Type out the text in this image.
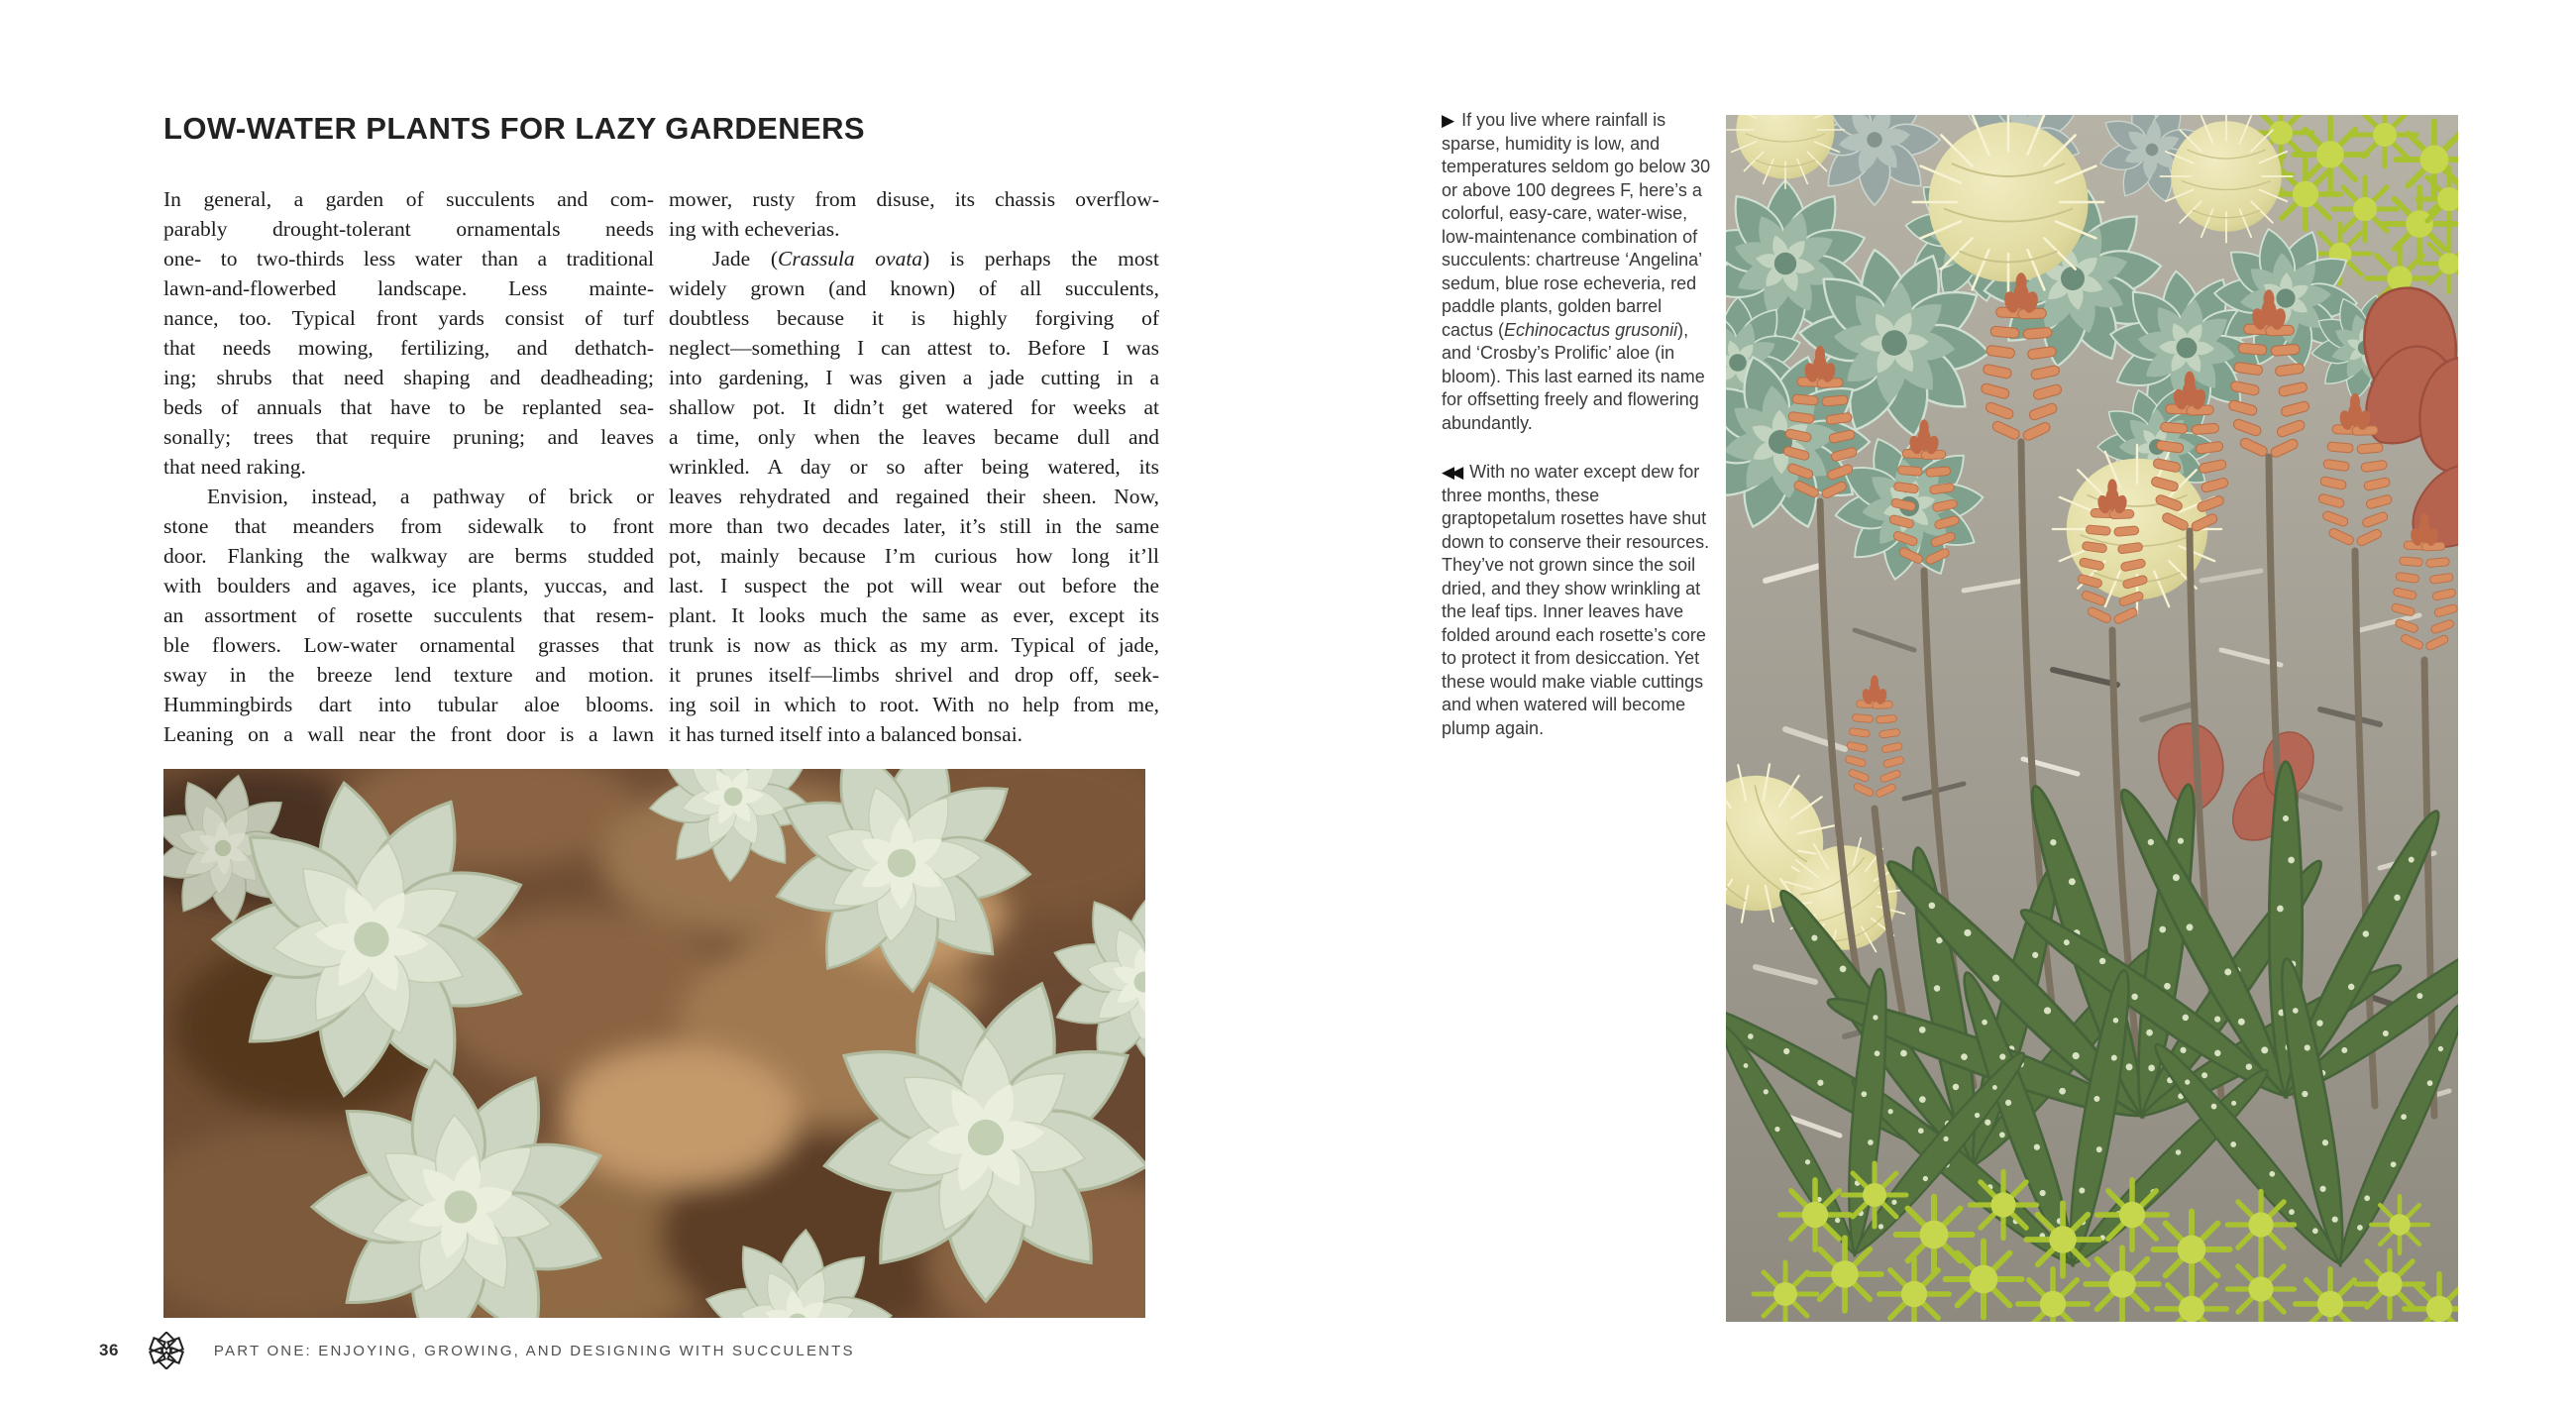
LOW-WATER PLANTS FOR LAZY GARDENERS
In general, a garden of succulents and com-
parably drought-tolerant ornamentals needs
one- to two-thirds less water than a traditional
lawn-and-flowerbed landscape. Less mainte-
nance, too. Typical front yards consist of turf
that needs mowing, fertilizing, and dethatch-
ing; shrubs that need shaping and deadheading;
beds of annuals that have to be replanted sea-
sonally; trees that require pruning; and leaves
that need raking.
Envision, instead, a pathway of brick or
stone that meanders from sidewalk to front
door. Flanking the walkway are berms studded
with boulders and agaves, ice plants, yuccas, and
an assortment of rosette succulents that resem-
ble flowers. Low-water ornamental grasses that
sway in the breeze lend texture and motion.
Hummingbirds dart into tubular aloe blooms.
Leaning on a wall near the front door is a lawn
mower, rusty from disuse, its chassis overflow-
ing with echeverias.
Jade (Crassula ovata) is perhaps the most
widely grown (and known) of all succulents,
doubtless because it is highly forgiving of
neglect—something I can attest to. Before I was
into gardening, I was given a jade cutting in a
shallow pot. It didn’t get watered for weeks at
a time, only when the leaves became dull and
wrinkled. A day or so after being watered, its
leaves rehydrated and regained their sheen. Now,
more than two decades later, it’s still in the same
pot, mainly because I’m curious how long it’ll
last. I suspect the pot will wear out before the
plant. It looks much the same as ever, except its
trunk is now as thick as my arm. Typical of jade,
it prunes itself—limbs shrivel and drop off, seek-
ing soil in which to root. With no help from me,
it has turned itself into a balanced bonsai.
36	PART ONE: ENJOYING, GROWING, AND DESIGNING WITH SUCCULENTS

▶ If you live where rainfall is sparse, humidity is low, and temperatures seldom go below 30 or above 100 degrees F, here’s a colorful, easy-care, water-wise, low-maintenance combination of succulents: chartreuse ‘Angelina’ sedum, blue rose echeveria, red paddle plants, golden barrel cactus (Echinocactus grusonii), and ‘Crosby’s Prolific’ aloe (in bloom). This last earned its name for offsetting freely and flowering abundantly.

◀◀ With no water except dew for three months, these graptopetalum rosettes have shut down to conserve their resources. They’ve not grown since the soil dried, and they show wrinkling at the leaf tips. Inner leaves have folded around each rosette’s core to protect it from desiccation. Yet these would make viable cuttings and when watered will become plump again.
